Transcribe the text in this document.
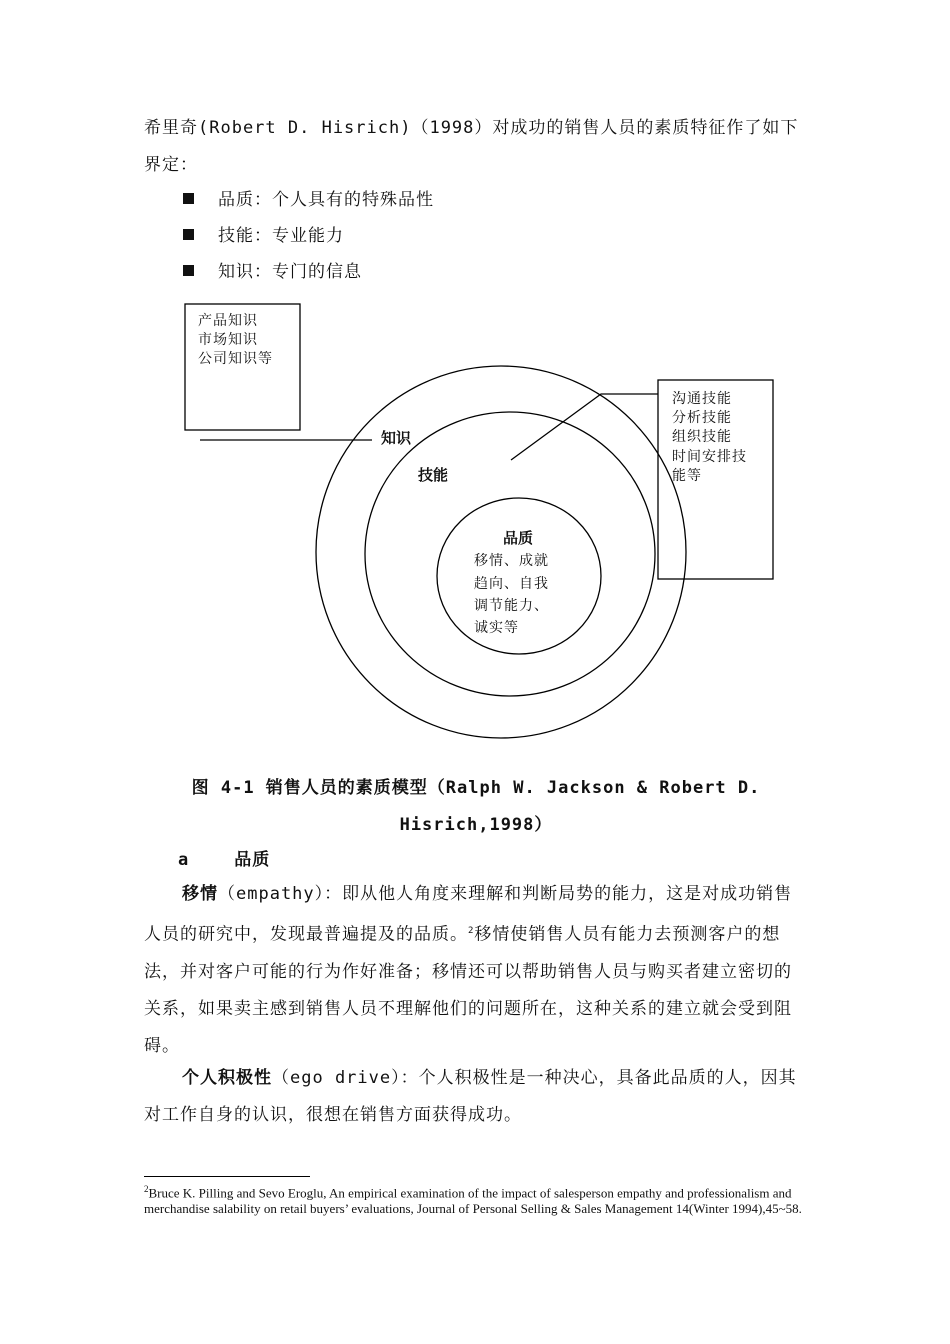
希里奇(Robert D. Hisrich)（1998）对成功的销售人员的素质特征作了如下界定：

品质：个人具有的特殊品性
技能：专业能力
知识：专门的信息
产品知识
市场知识
公司知识等
沟通技能
分析技能
组织技能
时间安排技
能等
移情、成就
趋向、自我
调节能力、
诚实等
知识
技能
品质
图 4-1 销售人员的素质模型（Ralph W. Jackson & Robert D.
Hisrich,1998）
a	品质

移情（empathy）：即从他人角度来理解和判断局势的能力，这是对成功销售人员的研究中，发现最普遍提及的品质。$^2$移情使销售人员有能力去预测客户的想法，并对客户可能的行为作好准备；移情还可以帮助销售人员与购买者建立密切的关系，如果卖主感到销售人员不理解他们的问题所在，这种关系的建立就会受到阻碍。

个人积极性（ego drive）：个人积极性是一种决心，具备此品质的人，因其对工作自身的认识，很想在销售方面获得成功。

$^2$Bruce K. Pilling and Sevo Eroglu, An empirical examination of the impact of salesperson empathy and professionalism and merchandise salability on retail buyers’ evaluations, Journal of Personal Selling & Sales Management 14(Winter 1994),45~58.
